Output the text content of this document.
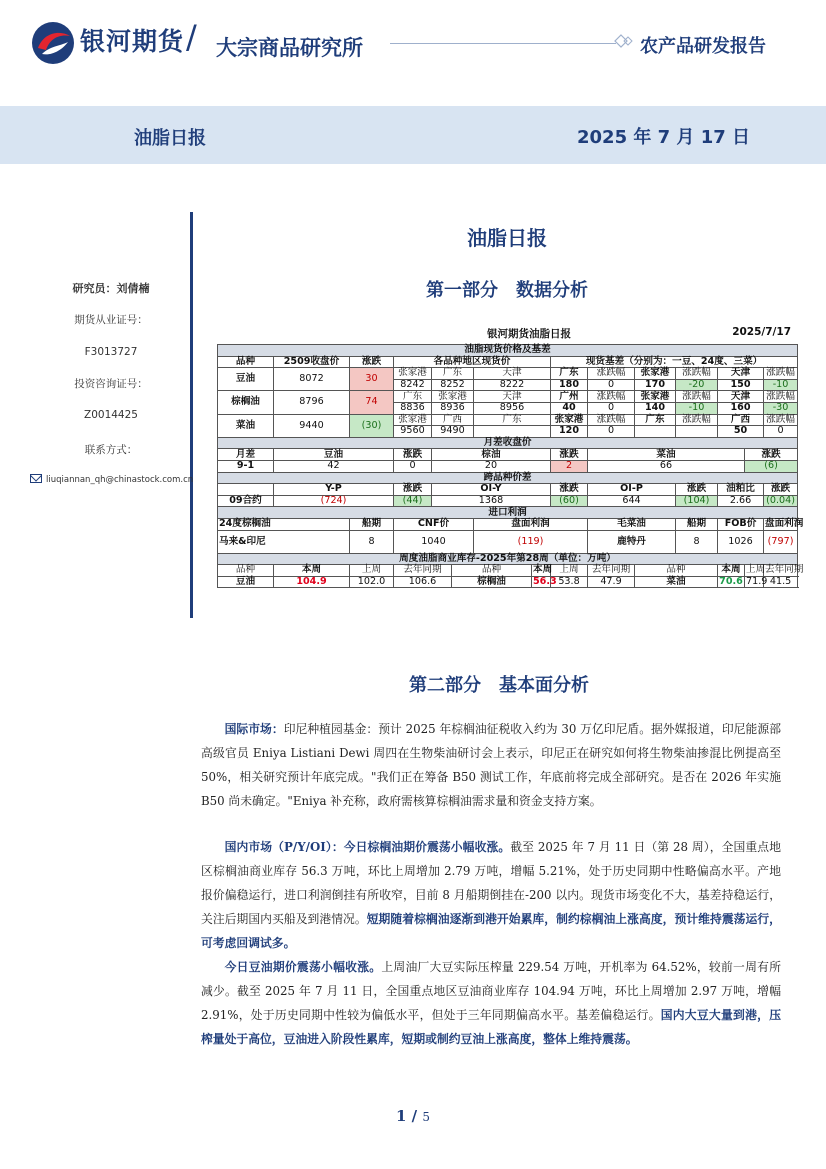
银河期货 / 大宗商品研究所	农产品研发报告
油脂日报	2025 年 7 月 17 日
研究员：刘倩楠
期货从业证号：
F3013727
投资咨询证号：
Z0014425
联系方式：
liuqiannan_qh@chinastock.com.cn
油脂日报
第一部分　数据分析
银河期货油脂日报	2025/7/17
油脂现货价格及基差														
品种	2509收盘价	涨跌	各品种地区现货价					现货基差（分别为：一豆、24度、三菜）						
豆油	8072	30	张家港	广东		天津		广东	涨跌幅	张家港	涨跌幅	天津		涨跌幅
			8242	8252		8222		180	0	170	-20	150		-10
棕榈油	8796	74	广东	张家港		天津		广州	涨跌幅	张家港	涨跌幅	天津		涨跌幅
			8836	8936		8956		40	0	140	-10	160		-30
菜油	9440	(30)	张家港	广西		广东		张家港	涨跌幅	广东	涨跌幅	广西		涨跌幅
			9560	9490				120	0			50		0
月差收盘价														
月差	豆油		涨跌	棕油				涨跌	菜油				涨跌	
9-1	42		0	20				2	66				(6)	
跨品种价差														
	Y-P		涨跌	OI-Y				涨跌	OI-P		涨跌	油粕比		涨跌
09合约	(724)		(44)	1368				(60)	644		(104)	2.66		(0.04)
进口利润														
24度棕榈油		船期	CNF价			盘面利润			毛菜油		船期	FOB价		盘面利润
马来&印尼		8	1040			(119)			鹿特丹		8	1026		(797)
周度油脂商业库存-2025年第28周（单位：万吨）														
品种	本周	上周	去年同期		品种		本周	上周	去年同期	品种		本周	上周	去年同期
豆油	104.9	102.0	106.6		棕榈油		56.3	53.8	47.9	菜油		70.6	71.9	41.5
第二部分　基本面分析
国际市场：印尼种植园基金：预计 2025 年棕榈油征税收入约为 30 万亿印尼盾。据外媒报道，印尼能源部高级官员 Eniya Listiani Dewi 周四在生物柴油研讨会上表示，印尼正在研究如何将生物柴油掺混比例提高至 50%，相关研究预计年底完成。"我们正在筹备 B50 测试工作，年底前将完成全部研究。是否在 2026 年实施 B50 尚未确定。"Eniya 补充称，政府需核算棕榈油需求量和资金支持方案。
国内市场（P/Y/OI）：今日棕榈油期价震荡小幅收涨。截至 2025 年 7 月 11 日（第 28 周），全国重点地区棕榈油商业库存 56.3 万吨，环比上周增加 2.79 万吨，增幅 5.21%，处于历史同期中性略偏高水平。产地报价偏稳运行，进口利润倒挂有所收窄，目前 8 月船期倒挂在-200 以内。现货市场变化不大，基差持稳运行，关注后期国内买船及到港情况。短期随着棕榈油逐渐到港开始累库，制约棕榈油上涨高度，预计维持震荡运行，可考虑回调试多。
今日豆油期价震荡小幅收涨。上周油厂大豆实际压榨量 229.54 万吨，开机率为 64.52%，较前一周有所减少。截至 2025 年 7 月 11 日，全国重点地区豆油商业库存 104.94 万吨，环比上周增加 2.97 万吨，增幅 2.91%，处于历史同期中性较为偏低水平，但处于三年同期偏高水平。基差偏稳运行。国内大豆大量到港，压榨量处于高位，豆油进入阶段性累库，短期或制约豆油上涨高度，整体上维持震荡。
1 / 5
